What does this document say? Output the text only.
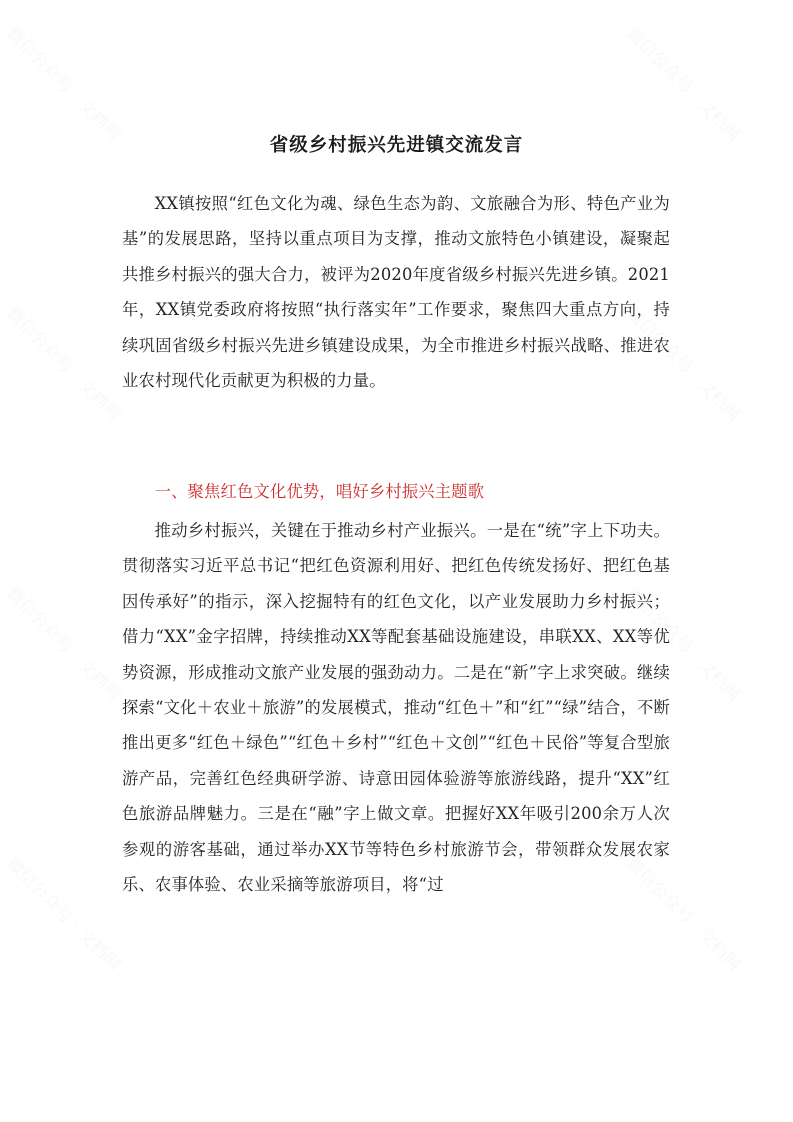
省级乡村振兴先进镇交流发言

XX镇按照“红色文化为魂、绿色生态为韵、文旅融合为形、特色产业为基”的发展思路，坚持以重点项目为支撑，推动文旅特色小镇建设，凝聚起共推乡村振兴的强大合力，被评为2020年度省级乡村振兴先进乡镇。2021年，XX镇党委政府将按照“执行落实年”工作要求，聚焦四大重点方向，持续巩固省级乡村振兴先进乡镇建设成果，为全市推进乡村振兴战略、推进农业农村现代化贡献更为积极的力量。

一、聚焦红色文化优势，唱好乡村振兴主题歌

推动乡村振兴，关键在于推动乡村产业振兴。一是在“统”字上下功夫。贯彻落实习近平总书记“把红色资源利用好、把红色传统发扬好、把红色基因传承好”的指示，深入挖掘特有的红色文化，以产业发展助力乡村振兴；借力“XX”金字招牌，持续推动XX等配套基础设施建设，串联XX、XX等优势资源，形成推动文旅产业发展的强劲动力。二是在“新”字上求突破。继续探索“文化＋农业＋旅游”的发展模式，推动“红色＋”和“红”“绿”结合，不断推出更多“红色＋绿色”“红色＋乡村”“红色＋文创”“红色＋民俗”等复合型旅游产品，完善红色经典研学游、诗意田园体验游等旅游线路，提升“XX”红色旅游品牌魅力。三是在“融”字上做文章。把握好XX年吸引200余万人次参观的游客基础，通过举办XX节等特色乡村旅游节会，带领群众发展农家乐、农事体验、农业采摘等旅游项目，将“过

微信公众号 · 文档网	微信公众号 · 文档网
微信公众号 · 文档网	微信公众号 · 文档网
微信公众号 · 文档网	微信公众号 · 文档网
微信公众号 · 文档网	微信公众号 · 文档网
